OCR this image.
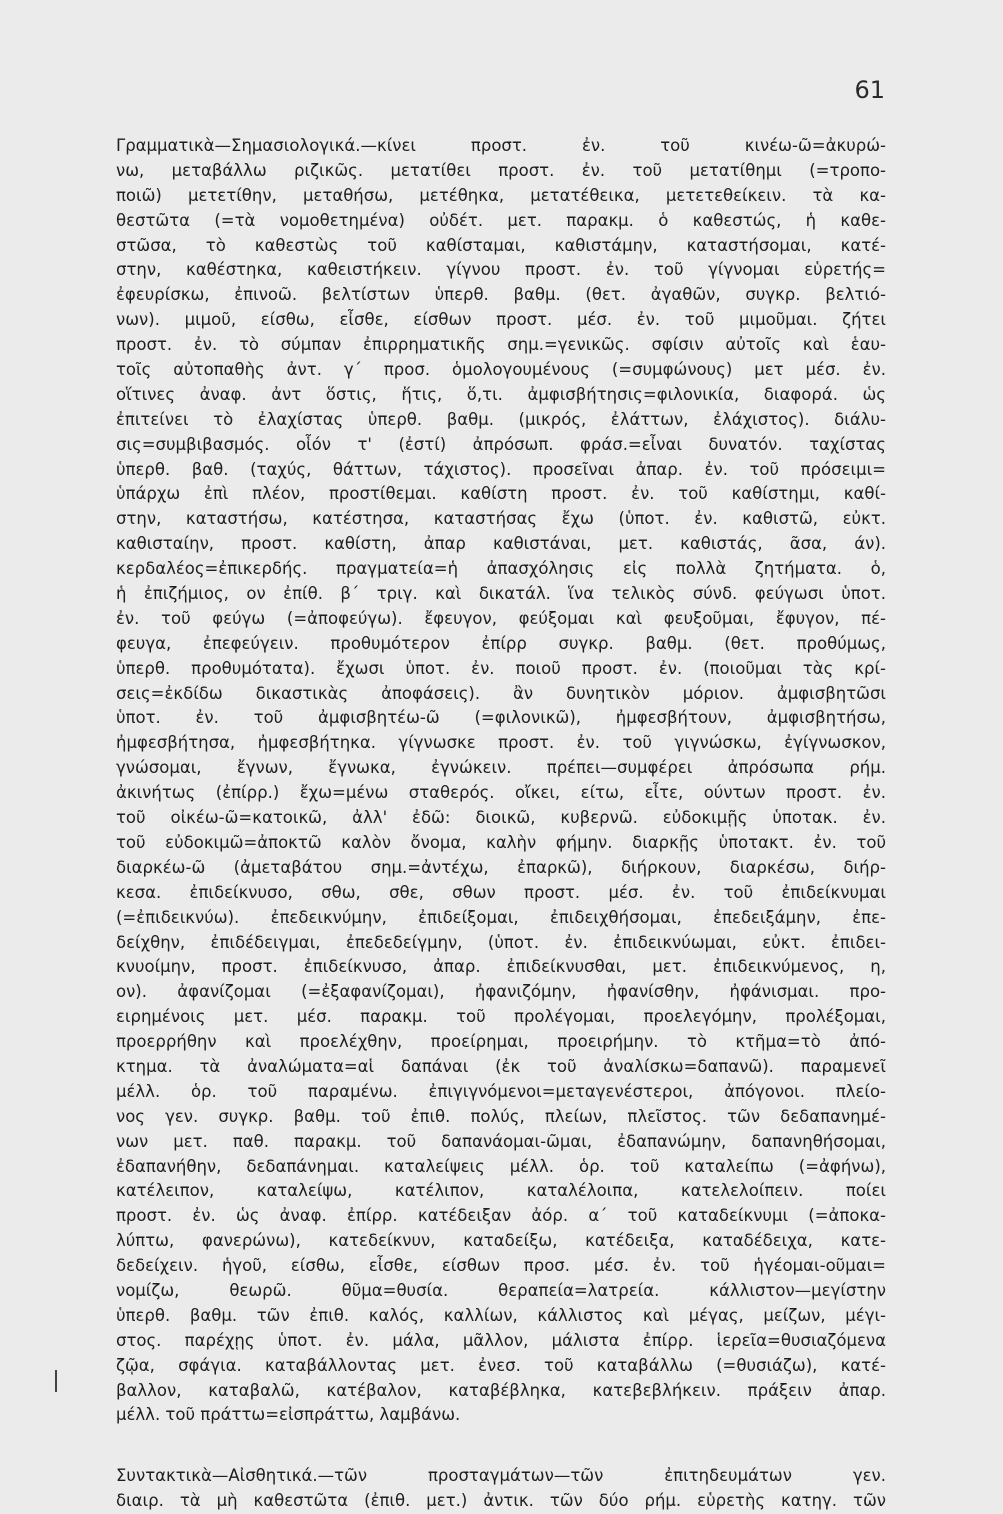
61
Γραμματικὰ—Σημασιολογικά.—κίνει προστ. ἐν. τοῦ κινέω-ῶ=ἀκυρώ-
νω, μεταβάλλω ριζικῶς. μετατίθει προστ. ἐν. τοῦ μετατίθημι (=τροπο-
ποιῶ) μετετίθην, μεταθήσω, μετέθηκα, μετατέθεικα, μετετεθείκειν. τὰ κα-
θεστῶτα (=τὰ νομοθετημένα) οὐδέτ. μετ. παρακμ. ὁ καθεστώς, ἡ καθε-
στῶσα, τὸ καθεστὼς τοῦ καθίσταμαι, καθιστάμην, καταστήσομαι, κατέ-
στην, καθέστηκα, καθειστήκειν. γίγνου προστ. ἐν. τοῦ γίγνομαι εὑρετής=
ἐφευρίσκω, ἐπινοῶ. βελτίστων ὑπερθ. βαθμ. (θετ. ἀγαθῶν, συγκρ. βελτιό-
νων). μιμοῦ, είσθω, εἶσθε, είσθων προστ. μέσ. ἐν. τοῦ μιμοῦμαι. ζήτει
προστ. ἐν. τὸ σύμπαν ἐπιρρηματικῆς σημ.=γενικῶς. σφίσιν αὐτοῖς καὶ ἑαυ-
τοῖς αὐτοπαθὴς ἀντ. γ΄ προσ. ὁμολογουμένους (=συμφώνους) μετ μέσ. ἐν.
οἵτινες ἀναφ. ἀντ ὅστις, ἥτις, ὅ,τι. ἀμφισβήτησις=φιλονικία, διαφορά. ὡς
ἐπιτείνει τὸ ἐλαχίστας ὑπερθ. βαθμ. (μικρός, ἐλάττων, ἐλάχιστος). διάλυ-
σις=συμβιβασμός. οἷόν τ' (ἐστί) ἀπρόσωπ. φράσ.=εἶναι δυνατόν. ταχίστας
ὑπερθ. βαθ. (ταχύς, θάττων, τάχιστος). προσεῖναι ἀπαρ. ἐν. τοῦ πρόσειμι=
ὑπάρχω ἐπὶ πλέον, προστίθεμαι. καθίστη προστ. ἐν. τοῦ καθίστημι, καθί-
στην, καταστήσω, κατέστησα, καταστήσας ἔχω (ὑποτ. ἐν. καθιστῶ, εὐκτ.
καθισταίην, προστ. καθίστη, ἀπαρ καθιστάναι, μετ. καθιστάς, ᾶσα, άν).
κερδαλέος=ἐπικερδής. πραγματεία=ἡ ἀπασχόλησις εἰς πολλὰ ζητήματα. ὁ,
ἡ ἐπιζήμιος, ον ἐπίθ. β΄ τριγ. καὶ δικατάλ. ἵνα τελικὸς σύνδ. φεύγωσι ὑποτ.
ἐν. τοῦ φεύγω (=ἀποφεύγω). ἔφευγον, φεύξομαι καὶ φευξοῦμαι, ἔφυγον, πέ-
φευγα, ἐπεφεύγειν. προθυμότερον ἐπίρρ συγκρ. βαθμ. (θετ. προθύμως,
ὑπερθ. προθυμότατα). ἔχωσι ὑποτ. ἐν. ποιοῦ προστ. ἐν. (ποιοῦμαι τὰς κρί-
σεις=ἐκδίδω δικαστικὰς ἀποφάσεις). ἂν δυνητικὸν μόριον. ἀμφισβητῶσι
ὑποτ. ἐν. τοῦ ἀμφισβητέω-ῶ (=φιλονικῶ), ἠμφεσβήτουν, ἀμφισβητήσω,
ἠμφεσβήτησα, ἠμφεσβήτηκα. γίγνωσκε προστ. ἐν. τοῦ γιγνώσκω, ἐγίγνωσκον,
γνώσομαι, ἔγνων, ἔγνωκα, ἐγνώκειν. πρέπει—συμφέρει ἀπρόσωπα ρήμ.
ἀκινήτως (ἐπίρρ.) ἔχω=μένω σταθερός. οἴκει, είτω, εἶτε, ούντων προστ. ἐν.
τοῦ οἰκέω-ῶ=κατοικῶ, ἀλλ' ἐδῶ: διοικῶ, κυβερνῶ. εὐδοκιμῇς ὑποτακ. ἐν.
τοῦ εὐδοκιμῶ=ἀποκτῶ καλὸν ὄνομα, καλὴν φήμην. διαρκῇς ὑποτακτ. ἐν. τοῦ
διαρκέω-ῶ (ἀμεταβάτου σημ.=ἀντέχω, ἐπαρκῶ), διήρκουν, διαρκέσω, διήρ-
κεσα. ἐπιδείκνυσο, σθω, σθε, σθων προστ. μέσ. ἐν. τοῦ ἐπιδείκνυμαι
(=ἐπιδεικνύω). ἐπεδεικνύμην, ἐπιδείξομαι, ἐπιδειχθήσομαι, ἐπεδειξάμην, ἐπε-
δείχθην, ἐπιδέδειγμαι, ἐπεδεδείγμην, (ὑποτ. ἐν. ἐπιδεικνύωμαι, εὐκτ. ἐπιδει-
κνυοίμην, προστ. ἐπιδείκνυσο, ἀπαρ. ἐπιδείκνυσθαι, μετ. ἐπιδεικνύμενος, η,
ον). ἀφανίζομαι (=ἐξαφανίζομαι), ἠφανιζόμην, ἠφανίσθην, ἠφάνισμαι. προ-
ειρημένοις μετ. μέσ. παρακμ. τοῦ προλέγομαι, προελεγόμην, προλέξομαι,
προερρήθην καὶ προελέχθην, προείρημαι, προειρήμην. τὸ κτῆμα=τὸ ἀπό-
κτημα. τὰ ἀναλώματα=αἱ δαπάναι (ἐκ τοῦ ἀναλίσκω=δαπανῶ). παραμενεῖ
μέλλ. ὁρ. τοῦ παραμένω. ἐπιγιγνόμενοι=μεταγενέστεροι, ἀπόγονοι. πλείο-
νος γεν. συγκρ. βαθμ. τοῦ ἐπιθ. πολύς, πλείων, πλεῖστος. τῶν δεδαπανημέ-
νων μετ. παθ. παρακμ. τοῦ δαπανάομαι-ῶμαι, ἐδαπανώμην, δαπανηθήσομαι,
ἐδαπανήθην, δεδαπάνημαι. καταλείψεις μέλλ. ὁρ. τοῦ καταλείπω (=ἀφήνω),
κατέλειπον, καταλείψω, κατέλιπον, καταλέλοιπα, κατελελοίπειν. ποίει
προστ. ἐν. ὡς ἀναφ. ἐπίρρ. κατέδειξαν ἀόρ. α΄ τοῦ καταδείκνυμι (=ἀποκα-
λύπτω, φανερώνω), κατεδείκνυν, καταδείξω, κατέδειξα, καταδέδειχα, κατε-
δεδείχειν. ἡγοῦ, είσθω, εἶσθε, είσθων προσ. μέσ. ἐν. τοῦ ἡγέομαι-οῦμαι=
νομίζω, θεωρῶ. θῦμα=θυσία. θεραπεία=λατρεία. κάλλιστον—μεγίστην
ὑπερθ. βαθμ. τῶν ἐπιθ. καλός, καλλίων, κάλλιστος καὶ μέγας, μείζων, μέγι-
στος. παρέχῃς ὑποτ. ἐν. μάλα, μᾶλλον, μάλιστα ἐπίρρ. ἱερεῖα=θυσιαζόμενα
ζῷα, σφάγια. καταβάλλοντας μετ. ἐνεσ. τοῦ καταβάλλω (=θυσιάζω), κατέ-
βαλλον, καταβαλῶ, κατέβαλον, καταβέβληκα, κατεβεβλήκειν. πράξειν ἀπαρ.
μέλλ. τοῦ πράττω=εἰσπράττω, λαμβάνω.
Συντακτικὰ—Αἰσθητικά.—τῶν προσταγμάτων—τῶν ἐπιτηδευμάτων γεν.
διαιρ. τὰ μὴ καθεστῶτα (ἐπιθ. μετ.) ἀντικ. τῶν δύο ρήμ. εὑρετὴς κατηγ. τῶν
